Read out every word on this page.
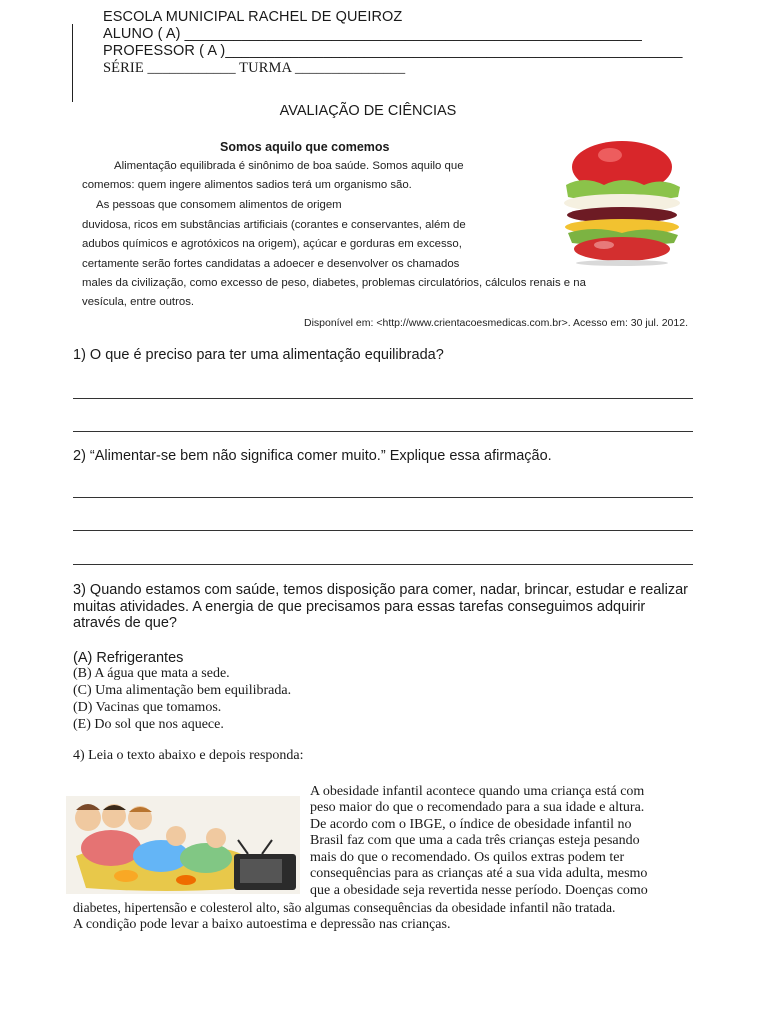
ESCOLA MUNICIPAL RACHEL DE QUEIROZ
ALUNO ( A) ________________________________________________________
PROFESSOR ( A )________________________________________________________
SÉRIE ____________ TURMA _______________
AVALIAÇÃO DE CIÊNCIAS
Somos aquilo que comemos
Alimentação equilibrada é sinônimo de boa saúde. Somos aquilo que
comemos: quem ingere alimentos sadios terá um organismo são.
As pessoas que consomem alimentos de origem
duvidosa, ricos em substâncias artificiais (corantes e conservantes, além de
adubos químicos e agrotóxicos na origem), açúcar e gorduras em excesso,
certamente serão fortes candidatas a adoecer e desenvolver os chamados
males da civilização, como excesso de peso, diabetes, problemas circulatórios, cálculos renais e na
vesícula, entre outros.
Disponível em: <http://www.crientacoesmedicas.com.br>. Acesso em: 30 jul. 2012.
1) O que é preciso para ter uma alimentação equilibrada?
2) “Alimentar-se bem não significa comer muito.” Explique essa afirmação.
3) Quando estamos com saúde, temos disposição para comer, nadar, brincar, estudar e realizar muitas atividades. A energia de que precisamos para essas tarefas conseguimos adquirir através de que?
(A) Refrigerantes
(B) A água que mata a sede.
(C) Uma alimentação bem equilibrada.
(D) Vacinas que tomamos.
(E) Do sol que nos aquece.
4) Leia o texto abaixo e depois responda:
A obesidade infantil acontece quando uma criança está com
peso maior do que o recomendado para a sua idade e altura.
De acordo com o IBGE, o índice de obesidade infantil no
Brasil faz com que uma a cada três crianças esteja pesando
mais do que o recomendado. Os quilos extras podem ter
consequências para as crianças até a sua vida adulta, mesmo
que a obesidade seja revertida nesse período. Doenças como
diabetes, hipertensão e colesterol alto, são algumas consequências da obesidade infantil não tratada.
A condição pode levar a baixo autoestima e depressão nas crianças.
